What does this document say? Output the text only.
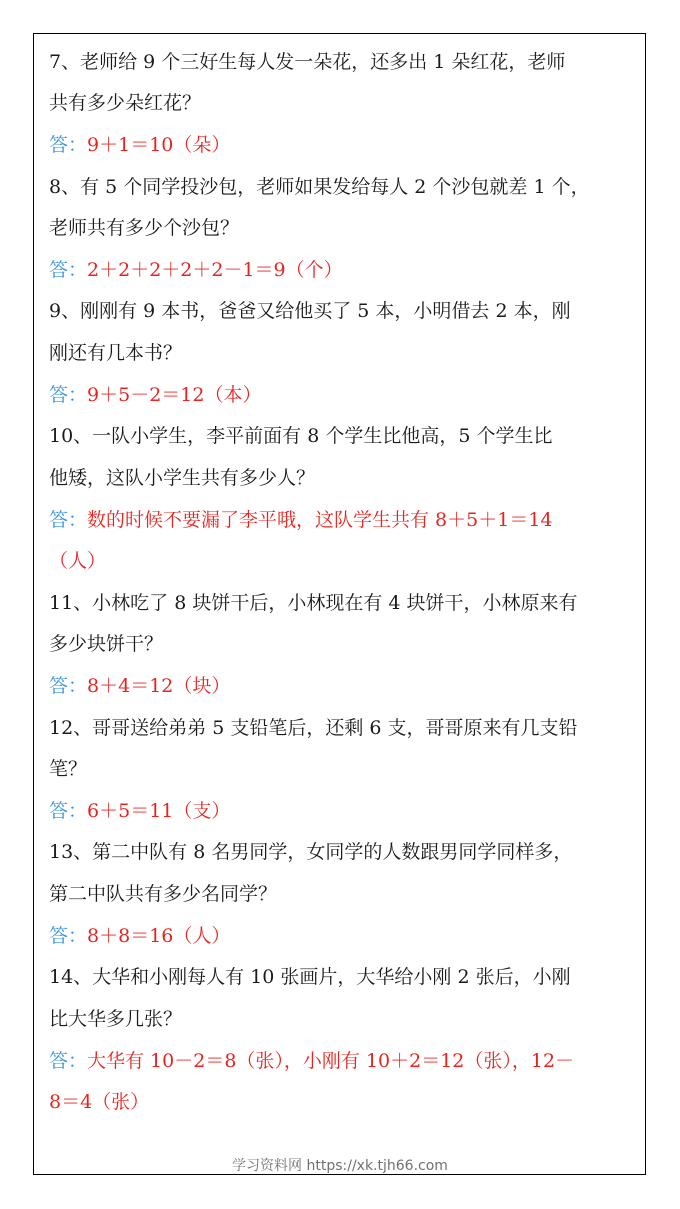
7、老师给 9 个三好生每人发一朵花，还多出 1 朵红花，老师
共有多少朵红花？
答：9＋1＝10（朵）
8、有 5 个同学投沙包，老师如果发给每人 2 个沙包就差 1 个，
老师共有多少个沙包？
答：2＋2＋2＋2＋2－1＝9（个）
9、刚刚有 9 本书，爸爸又给他买了 5 本，小明借去 2 本，刚
刚还有几本书？
答：9＋5－2＝12（本）
10、一队小学生，李平前面有 8 个学生比他高，5 个学生比
他矮，这队小学生共有多少人？
答：数的时候不要漏了李平哦，这队学生共有 8＋5＋1＝14
（人）
11、小林吃了 8 块饼干后，小林现在有 4 块饼干，小林原来有
多少块饼干？
答：8＋4＝12（块）
12、哥哥送给弟弟 5 支铅笔后，还剩 6 支，哥哥原来有几支铅
笔？
答：6＋5＝11（支）
13、第二中队有 8 名男同学，女同学的人数跟男同学同样多，
第二中队共有多少名同学？
答：8＋8＝16（人）
14、大华和小刚每人有 10 张画片，大华给小刚 2 张后，小刚
比大华多几张？
答：大华有 10－2＝8（张），小刚有 10＋2＝12（张），12－
8＝4（张）
学习资料网 https://xk.tjh66.com
